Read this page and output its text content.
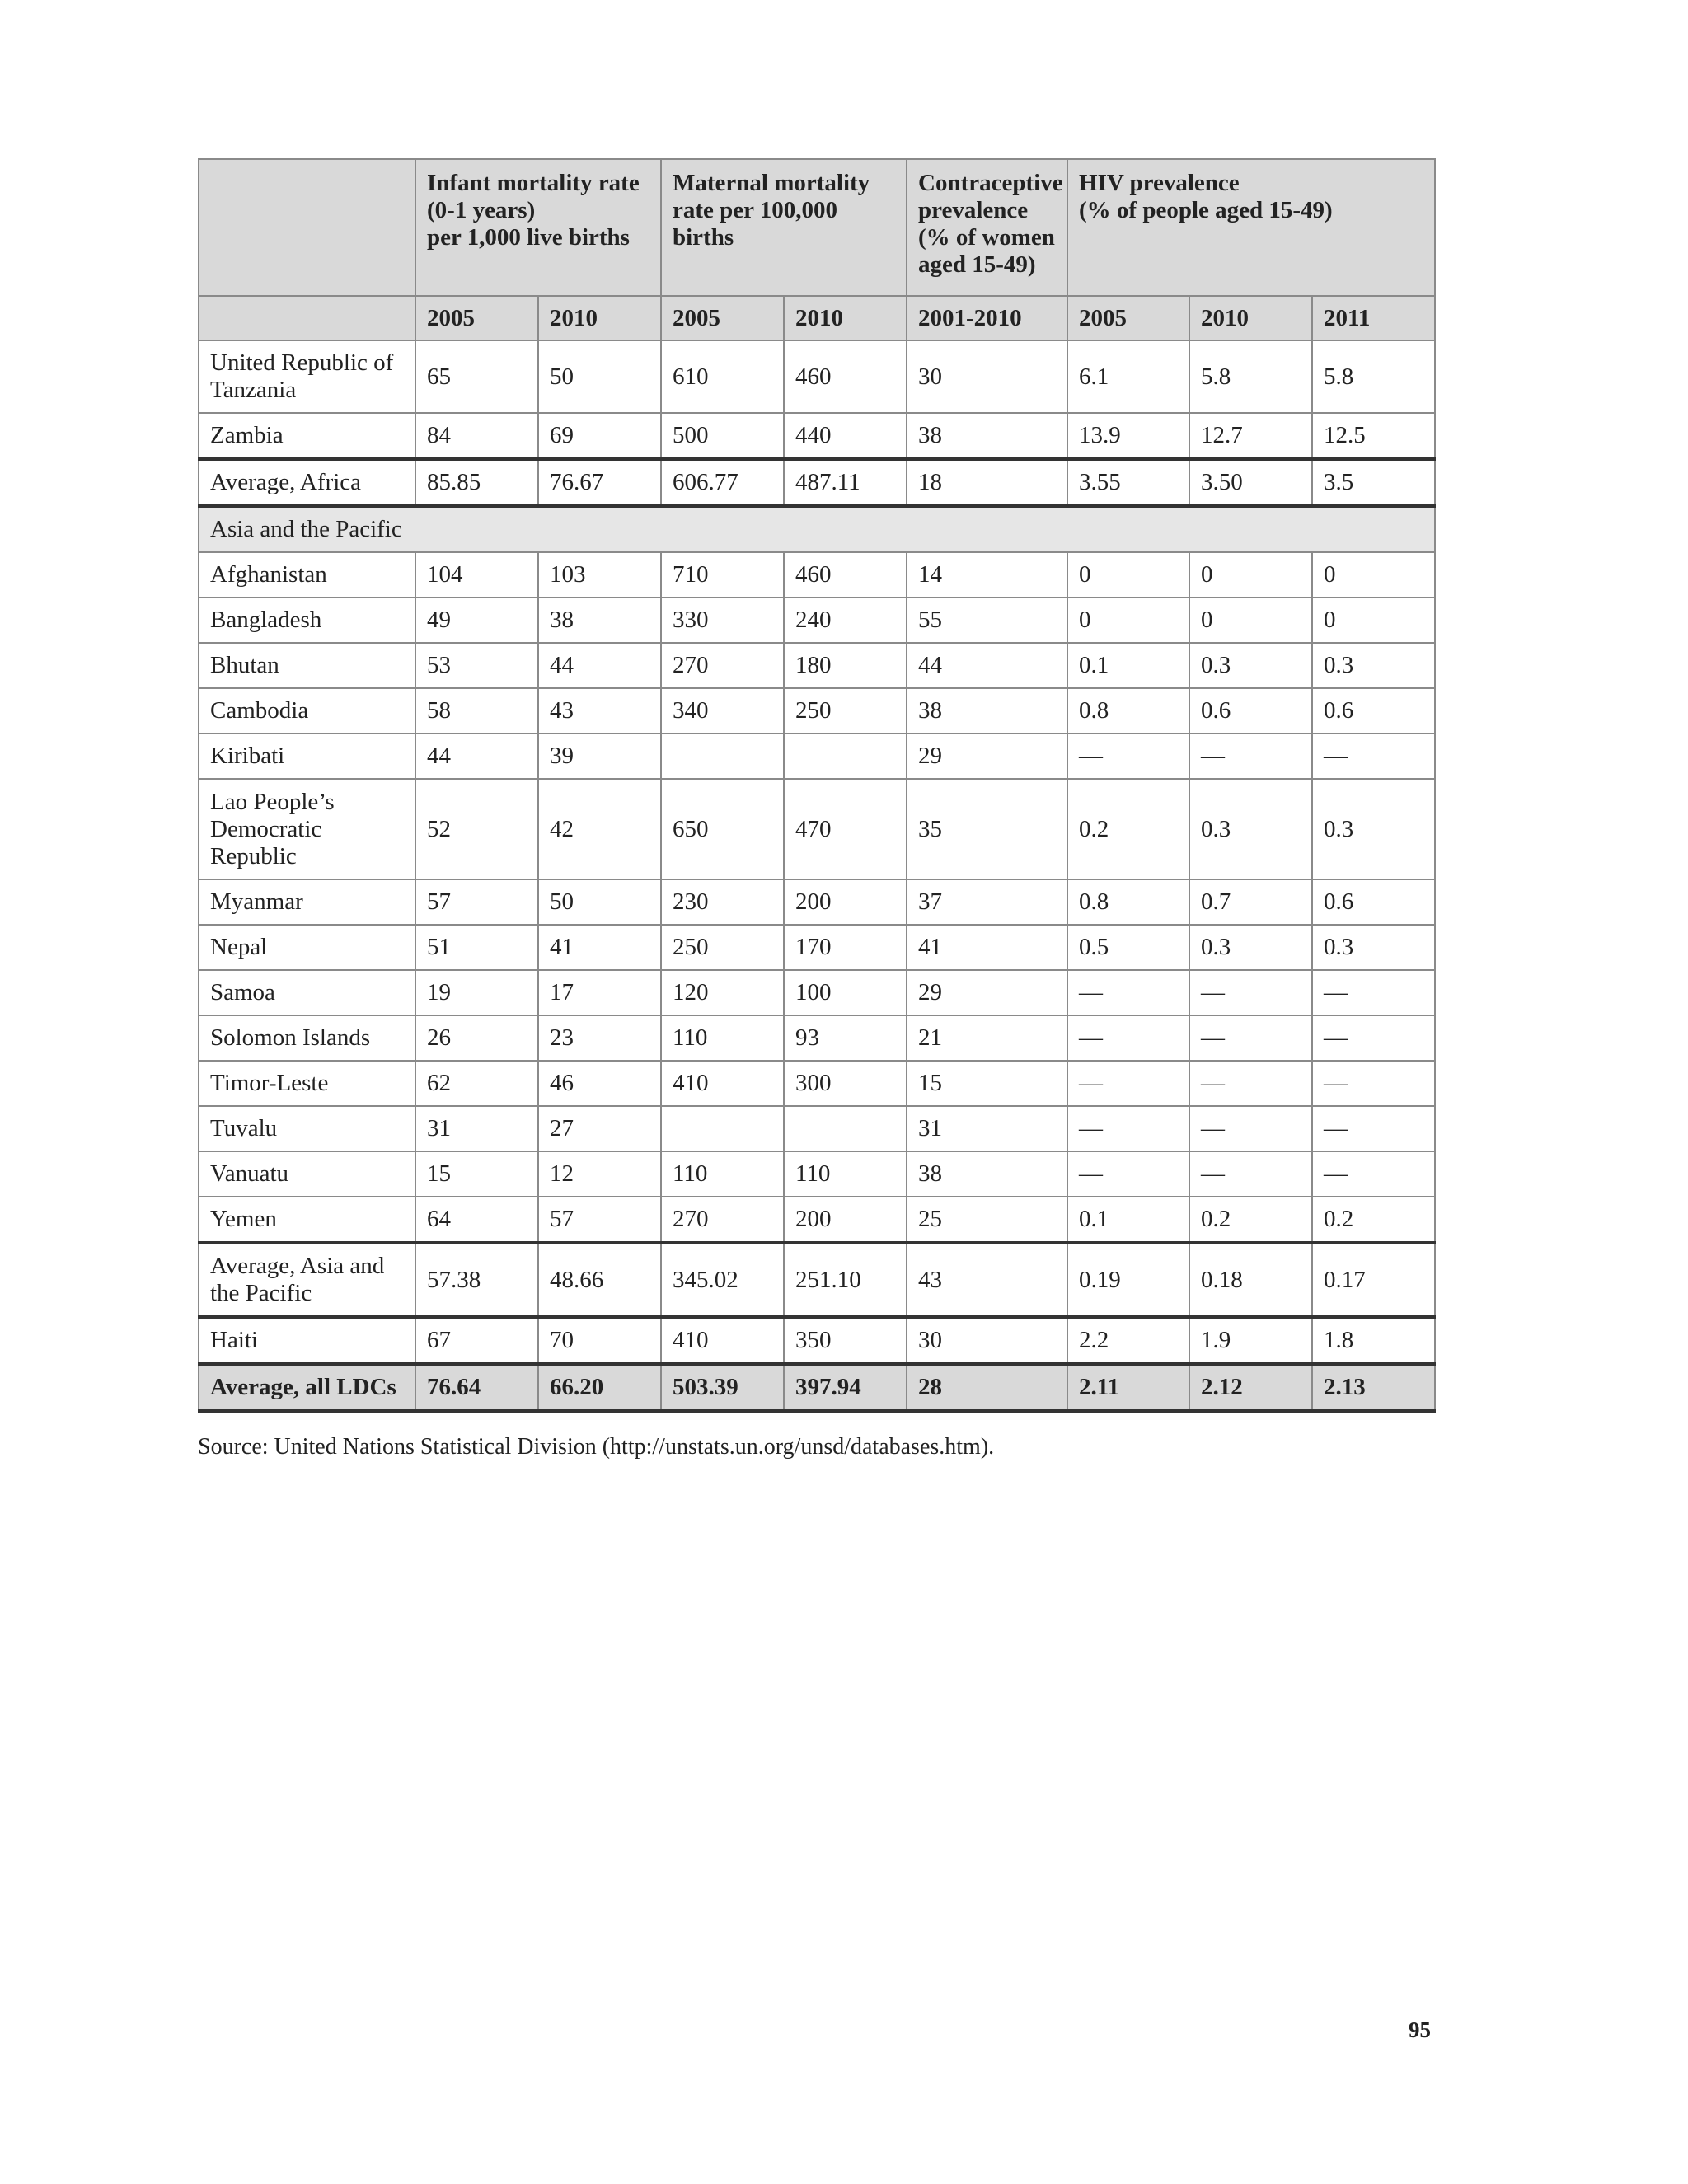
	Infant mortality rate
(0-1 years)
per 1,000 live births		Maternal mortality
rate per 100,000
births		Contraceptive
prevalence
(% of women
aged 15-49)	HIV prevalence
(% of people aged 15-49)		
	2005	2010	2005	2010	2001-2010	2005	2010	2011
United Republic of Tanzania	65	50	610	460	30	6.1	5.8	5.8
Zambia	84	69	500	440	38	13.9	12.7	12.5
Average, Africa	85.85	76.67	606.77	487.11	18	3.55	3.50	3.5
Asia and the Pacific								
Afghanistan	104	103	710	460	14	0	0	0
Bangladesh	49	38	330	240	55	0	0	0
Bhutan	53	44	270	180	44	0.1	0.3	0.3
Cambodia	58	43	340	250	38	0.8	0.6	0.6
Kiribati	44	39			29	—	—	—
Lao People’s Democratic Republic	52	42	650	470	35	0.2	0.3	0.3
Myanmar	57	50	230	200	37	0.8	0.7	0.6
Nepal	51	41	250	170	41	0.5	0.3	0.3
Samoa	19	17	120	100	29	—	—	—
Solomon Islands	26	23	110	93	21	—	—	—
Timor-Leste	62	46	410	300	15	—	—	—
Tuvalu	31	27			31	—	—	—
Vanuatu	15	12	110	110	38	—	—	—
Yemen	64	57	270	200	25	0.1	0.2	0.2
Average, Asia and the Pacific	57.38	48.66	345.02	251.10	43	0.19	0.18	0.17
Haiti	67	70	410	350	30	2.2	1.9	1.8
Average, all LDCs	76.64	66.20	503.39	397.94	28	2.11	2.12	2.13

Source: United Nations Statistical Division (http://unstats.un.org/unsd/databases.htm).

95
